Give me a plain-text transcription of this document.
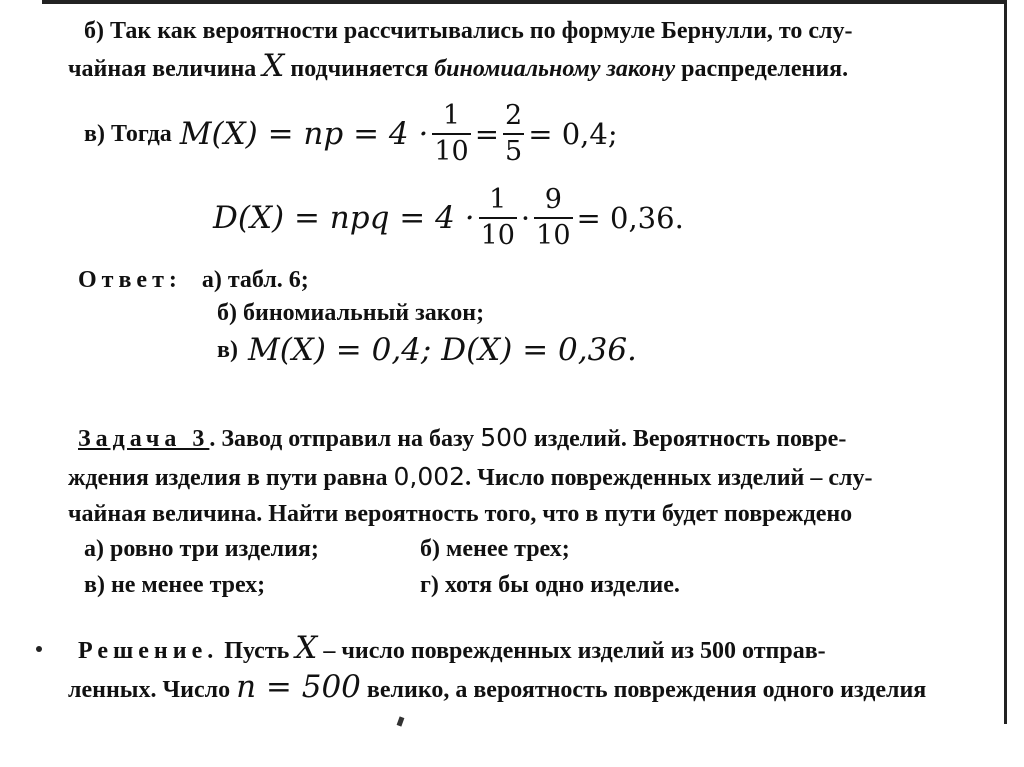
б) Так как вероятности рассчитывались по формуле Бернулли, то слу-
чайная величина X подчиняется биномиальному закону распределения.
в) Тогда M(X) = np = $4 \cdot \frac{1}{10} = \frac{2}{5} = 0,4$;
D(X) = npq = $4 \cdot \frac{1}{10} \cdot \frac{9}{10} = 0,36$.
Ответ: а) табл. 6;
б) биномиальный закон;
в) M(X) = 0,4; D(X) = 0,36.
Задача 3. Завод отправил на базу 500 изделий. Вероятность повре-
ждения изделия в пути равна 0,002. Число поврежденных изделий – слу-
чайная величина. Найти вероятность того, что в пути будет повреждено
а) ровно три изделия;	б) менее трех;
в) не менее трех;	г) хотя бы одно изделие.
Решение. Пусть X – число поврежденных изделий из 500 отправ-
ленных. Число n = 500 велико, а вероятность повреждения одного изделия
